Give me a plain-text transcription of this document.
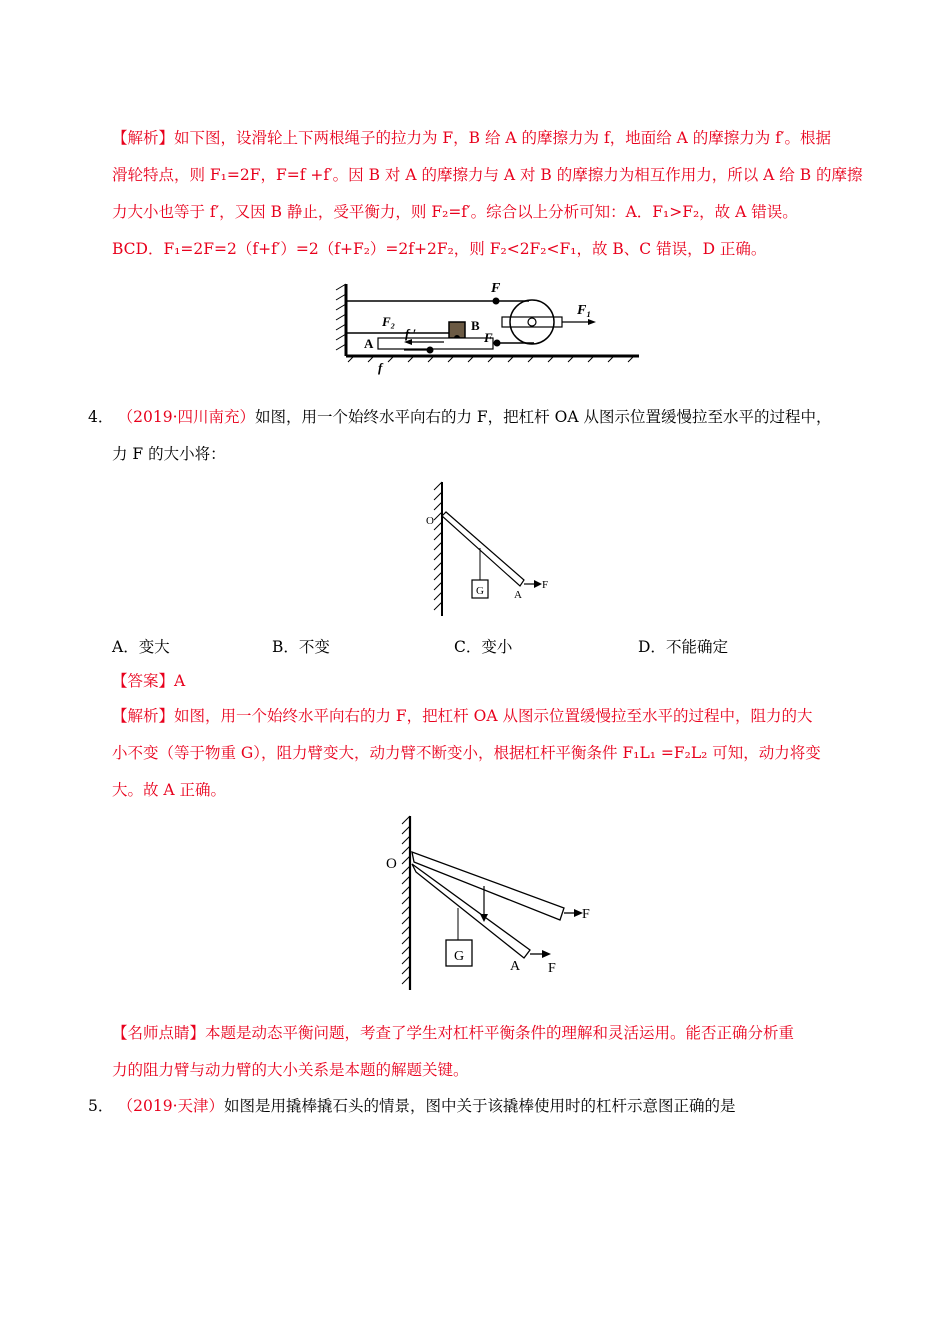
【解析】如下图，设滑轮上下两根绳子的拉力为 F，B 给 A 的摩擦力为 f，地面给 A 的摩擦力为 f′。根据
滑轮特点，则 F₁=2F，F=f +f′。因 B 对 A 的摩擦力与 A 对 B 的摩擦力为相互作用力，所以 A 给 B 的摩擦
力大小也等于 f′，又因 B 静止，受平衡力，则 F₂=f′。综合以上分析可知：A．F₁>F₂，故 A 错误。
BCD．F₁=2F=2（f+f′）=2（f+F₂）=2f+2F₂，则 F₂<2F₂<F₁，故 B、C 错误，D 正确。
F
F₁
F₂	B
A
f ′
f
F
4． （2019·四川南充）如图，用一个始终水平向右的力 F，把杠杆 OA 从图示位置缓慢拉至水平的过程中，
力 F 的大小将：
O
G	A
F
A．变大	B．不变	C．变小	D．不能确定
【答案】A
【解析】如图，用一个始终水平向右的力 F，把杠杆 OA 从图示位置缓慢拉至水平的过程中，阻力的大
小不变（等于物重 G），阻力臂变大，动力臂不断变小，根据杠杆平衡条件 F₁L₁ =F₂L₂ 可知，动力将变
大。故 A 正确。
O
G
A
F
F
【名师点睛】本题是动态平衡问题，考查了学生对杠杆平衡条件的理解和灵活运用。能否正确分析重
力的阻力臂与动力臂的大小关系是本题的解题关键。
5． （2019·天津）如图是用撬棒撬石头的情景，图中关于该撬棒使用时的杠杆示意图正确的是
